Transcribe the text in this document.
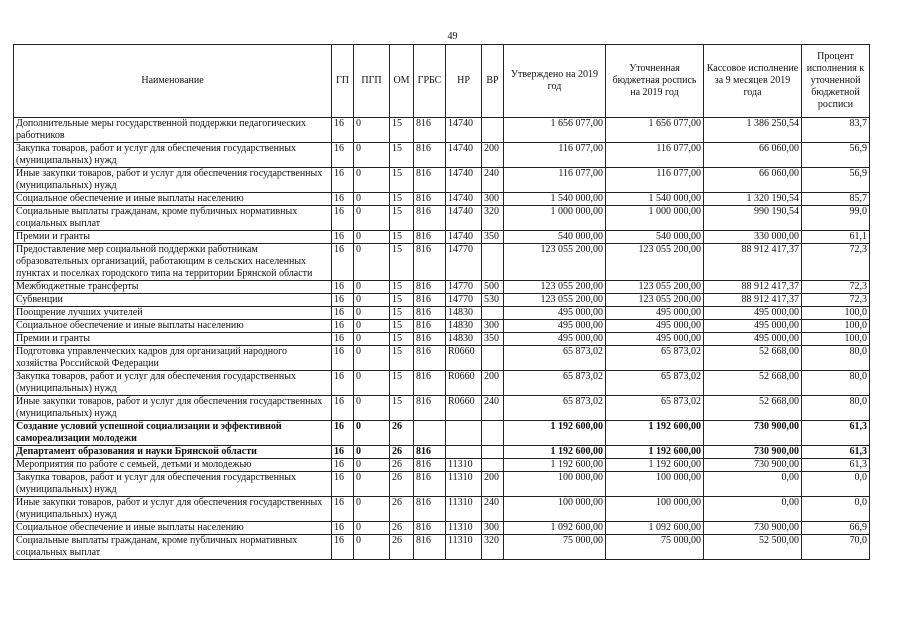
49
Наименование	ГП	ПГП	ОМ	ГРБС	НР	ВР	Утверждено на 2019 год	Уточненная бюджетная роспись на 2019 год	Кассовое исполнение за 9 месяцев 2019 года	Процент исполнения к уточненной бюджетной росписи
Дополнительные меры государственной поддержки педагогических работников	16	0	15	816	14740		1 656 077,00	1 656 077,00	1 386 250,54	83,7
Закупка товаров, работ и услуг для обеспечения государственных (муниципальных) нужд	16	0	15	816	14740	200	116 077,00	116 077,00	66 060,00	56,9
Иные закупки товаров, работ и услуг для обеспечения государственных (муниципальных) нужд	16	0	15	816	14740	240	116 077,00	116 077,00	66 060,00	56,9
Социальное обеспечение и иные выплаты населению	16	0	15	816	14740	300	1 540 000,00	1 540 000,00	1 320 190,54	85,7
Социальные выплаты гражданам, кроме публичных нормативных социальных выплат	16	0	15	816	14740	320	1 000 000,00	1 000 000,00	990 190,54	99,0
Премии и гранты	16	0	15	816	14740	350	540 000,00	540 000,00	330 000,00	61,1
Предоставление мер социальной поддержки работникам образовательных организаций, работающим в сельских населенных пунктах и поселках городского типа на территории Брянской области	16	0	15	816	14770		123 055 200,00	123 055 200,00	88 912 417,37	72,3
Межбюджетные трансферты	16	0	15	816	14770	500	123 055 200,00	123 055 200,00	88 912 417,37	72,3
Субвенции	16	0	15	816	14770	530	123 055 200,00	123 055 200,00	88 912 417,37	72,3
Поощрение лучших учителей	16	0	15	816	14830		495 000,00	495 000,00	495 000,00	100,0
Социальное обеспечение и иные выплаты населению	16	0	15	816	14830	300	495 000,00	495 000,00	495 000,00	100,0
Премии и гранты	16	0	15	816	14830	350	495 000,00	495 000,00	495 000,00	100,0
Подготовка управленческих кадров для организаций народного хозяйства Российской Федерации	16	0	15	816	R0660		65 873,02	65 873,02	52 668,00	80,0
Закупка товаров, работ и услуг для обеспечения государственных (муниципальных) нужд	16	0	15	816	R0660	200	65 873,02	65 873,02	52 668,00	80,0
Иные закупки товаров, работ и услуг для обеспечения государственных (муниципальных) нужд	16	0	15	816	R0660	240	65 873,02	65 873,02	52 668,00	80,0
Создание условий успешной социализации и эффективной самореализации молодежи	16	0	26				1 192 600,00	1 192 600,00	730 900,00	61,3
Департамент образования и науки Брянской области	16	0	26	816			1 192 600,00	1 192 600,00	730 900,00	61,3
Мероприятия по работе с семьей, детьми и молодежью	16	0	26	816	11310		1 192 600,00	1 192 600,00	730 900,00	61,3
Закупка товаров, работ и услуг для обеспечения государственных (муниципальных) нужд	16	0	26	816	11310	200	100 000,00	100 000,00	0,00	0,0
Иные закупки товаров, работ и услуг для обеспечения государственных (муниципальных) нужд	16	0	26	816	11310	240	100 000,00	100 000,00	0,00	0,0
Социальное обеспечение и иные выплаты населению	16	0	26	816	11310	300	1 092 600,00	1 092 600,00	730 900,00	66,9
Социальные выплаты гражданам, кроме публичных нормативных социальных выплат	16	0	26	816	11310	320	75 000,00	75 000,00	52 500,00	70,0
